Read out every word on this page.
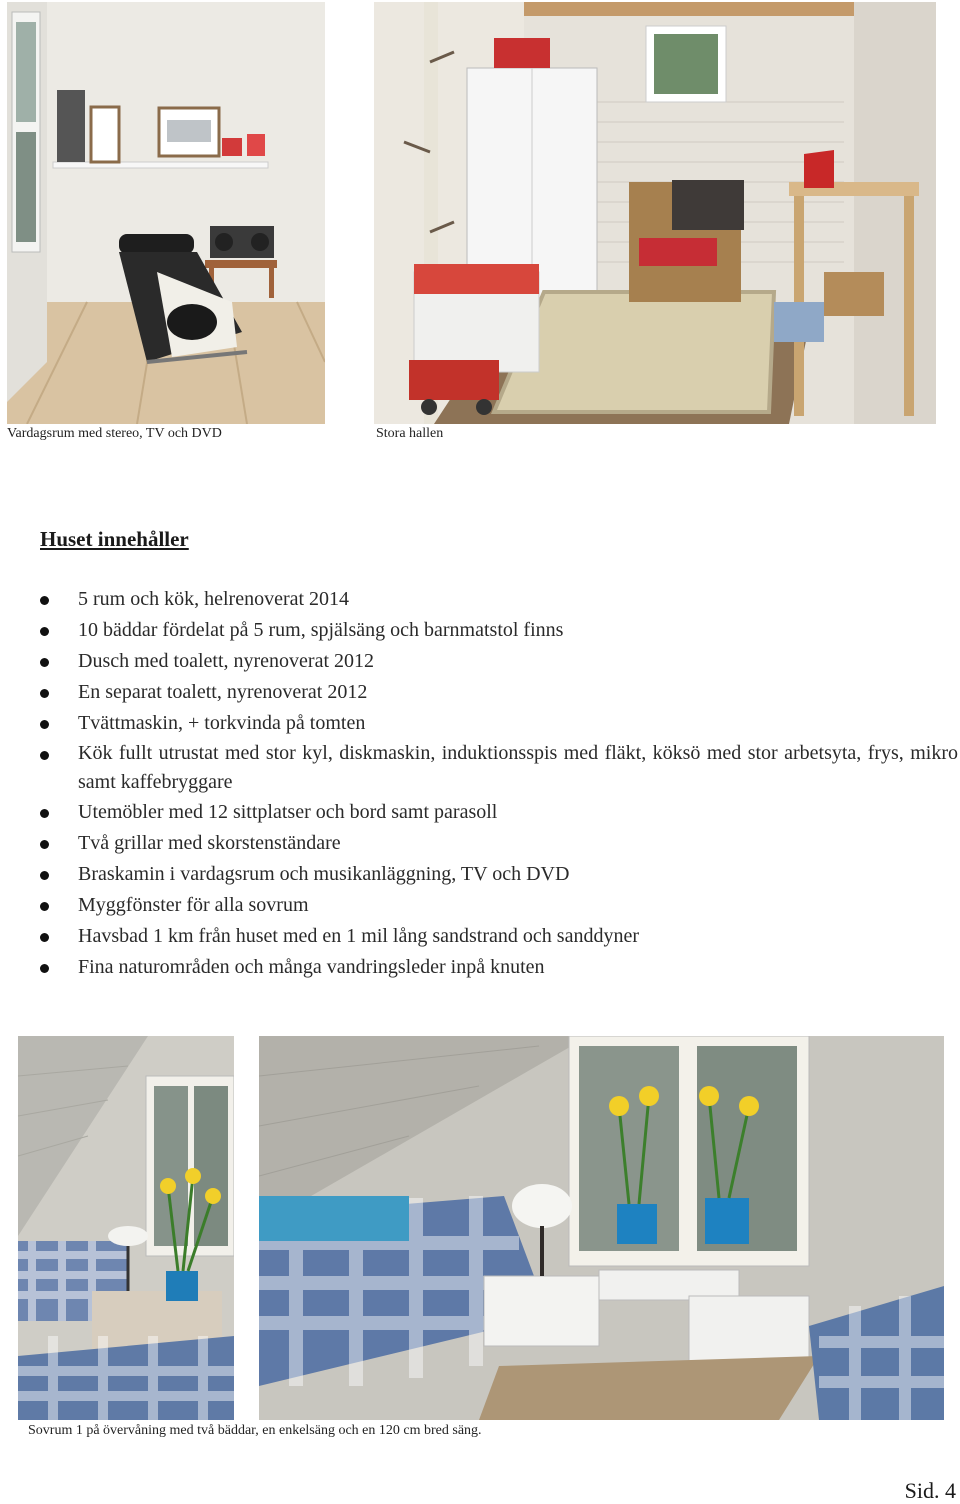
Vardagsrum med stereo, TV och DVD	Stora hallen
Huset innehåller
5 rum och kök, helrenoverat 2014
10 bäddar fördelat på 5 rum, spjälsäng och barnmatstol finns
Dusch med toalett, nyrenoverat 2012
En separat toalett, nyrenoverat 2012
Tvättmaskin, + torkvinda på tomten
Kök fullt utrustat med stor kyl, diskmaskin, induktionsspis med fläkt, köksö med stor arbetsyta, frys, mikro samt kaffebryggare
Utemöbler med 12 sittplatser och bord samt parasoll
Två grillar med skorstenständare
Braskamin i vardagsrum och musikanläggning, TV och DVD
Myggfönster för alla sovrum
Havsbad 1 km från huset med en 1 mil lång sandstrand och sanddyner
Fina naturområden och många vandringsleder inpå knuten
Sovrum 1 på övervåning med två bäddar, en enkelsäng och en 120 cm bred säng.
Sid. 4
